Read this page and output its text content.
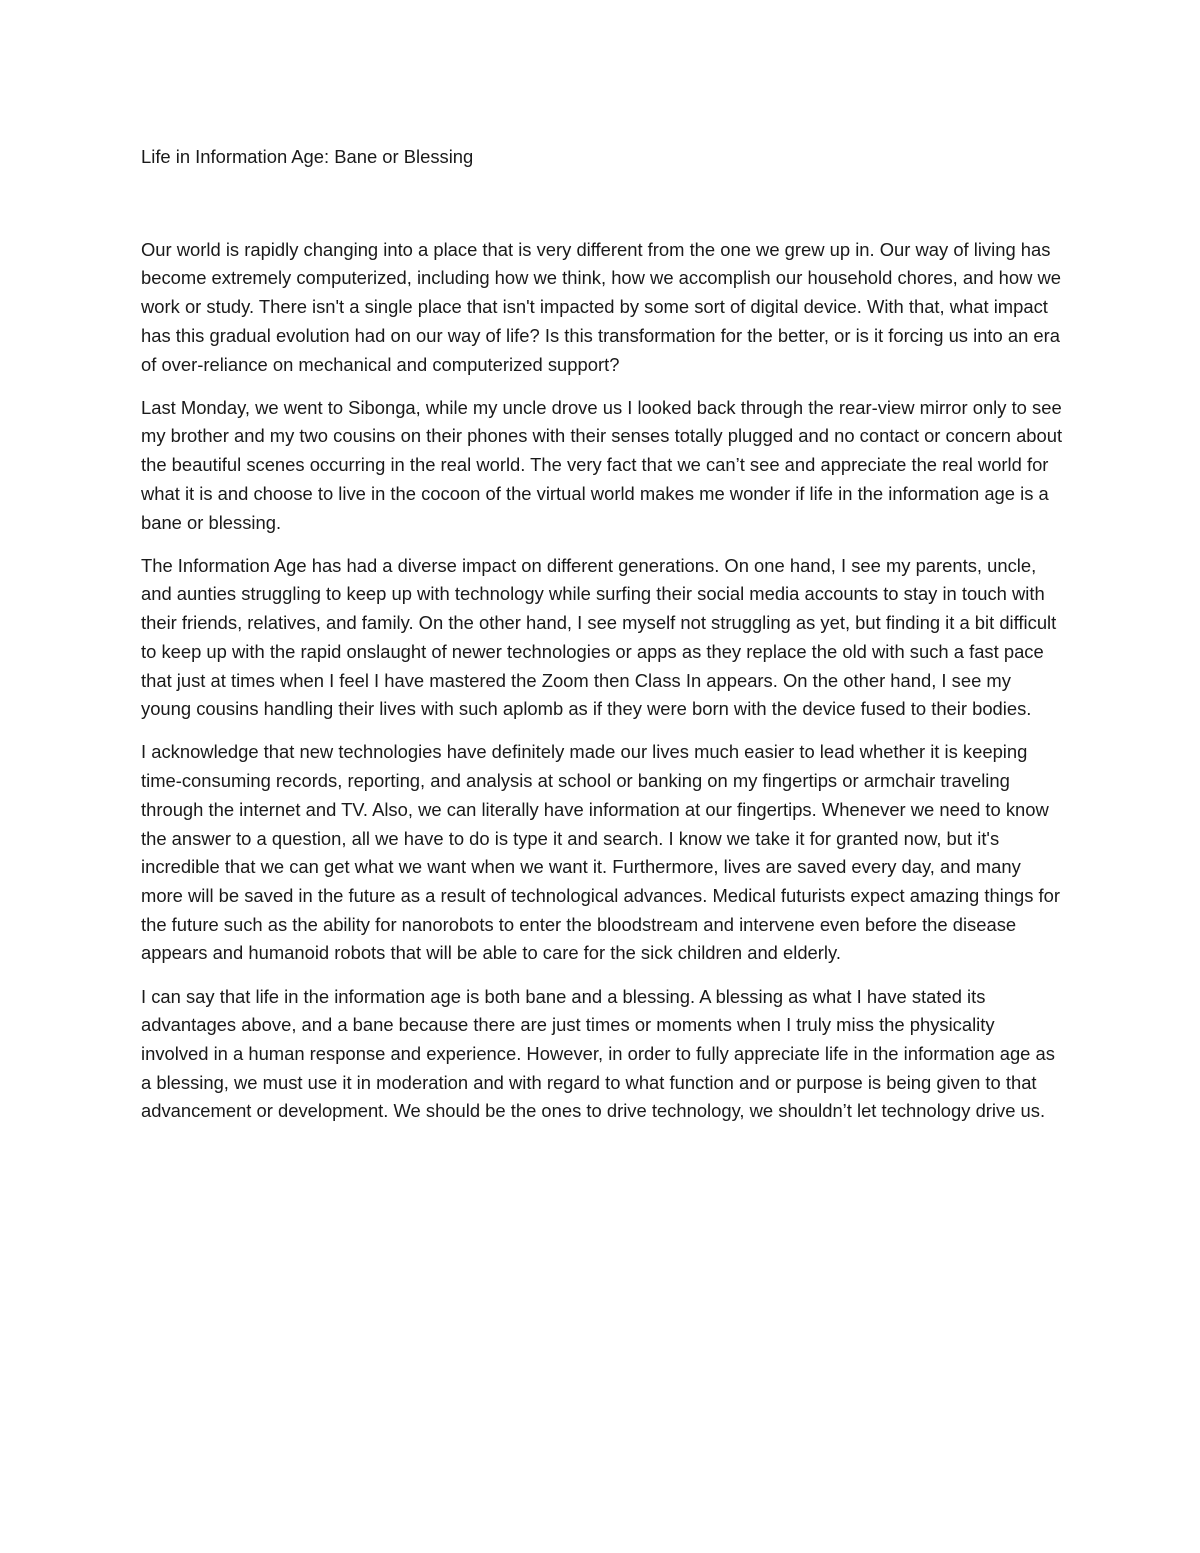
Life in Information Age: Bane or Blessing

Our world is rapidly changing into a place that is very different from the one we grew up in. Our way of living has become extremely computerized, including how we think, how we accomplish our household chores, and how we work or study. There isn't a single place that isn't impacted by some sort of digital device. With that, what impact has this gradual evolution had on our way of life? Is this transformation for the better, or is it forcing us into an era of over-reliance on mechanical and computerized support?

Last Monday, we went to Sibonga, while my uncle drove us I looked back through the rear-view mirror only to see my brother and my two cousins on their phones with their senses totally plugged and no contact or concern about the beautiful scenes occurring in the real world. The very fact that we can’t see and appreciate the real world for what it is and choose to live in the cocoon of the virtual world makes me wonder if life in the information age is a bane or blessing.

The Information Age has had a diverse impact on different generations. On one hand, I see my parents, uncle, and aunties struggling to keep up with technology while surfing their social media accounts to stay in touch with their friends, relatives, and family. On the other hand, I see myself not struggling as yet, but finding it a bit difficult to keep up with the rapid onslaught of newer technologies or apps as they replace the old with such a fast pace that just at times when I feel I have mastered the Zoom then Class In appears. On the other hand, I see my young cousins handling their lives with such aplomb as if they were born with the device fused to their bodies.

I acknowledge that new technologies have definitely made our lives much easier to lead whether it is keeping time-consuming records, reporting, and analysis at school or banking on my fingertips or armchair traveling through the internet and TV. Also, we can literally have information at our fingertips. Whenever we need to know the answer to a question, all we have to do is type it and search. I know we take it for granted now, but it's incredible that we can get what we want when we want it. Furthermore, lives are saved every day, and many more will be saved in the future as a result of technological advances. Medical futurists expect amazing things for the future such as the ability for nanorobots to enter the bloodstream and intervene even before the disease appears and humanoid robots that will be able to care for the sick children and elderly.

I can say that life in the information age is both bane and a blessing. A blessing as what I have stated its advantages above, and a bane because there are just times or moments when I truly miss the physicality involved in a human response and experience. However, in order to fully appreciate life in the information age as a blessing, we must use it in moderation and with regard to what function and or purpose is being given to that advancement or development. We should be the ones to drive technology, we shouldn’t let technology drive us.
